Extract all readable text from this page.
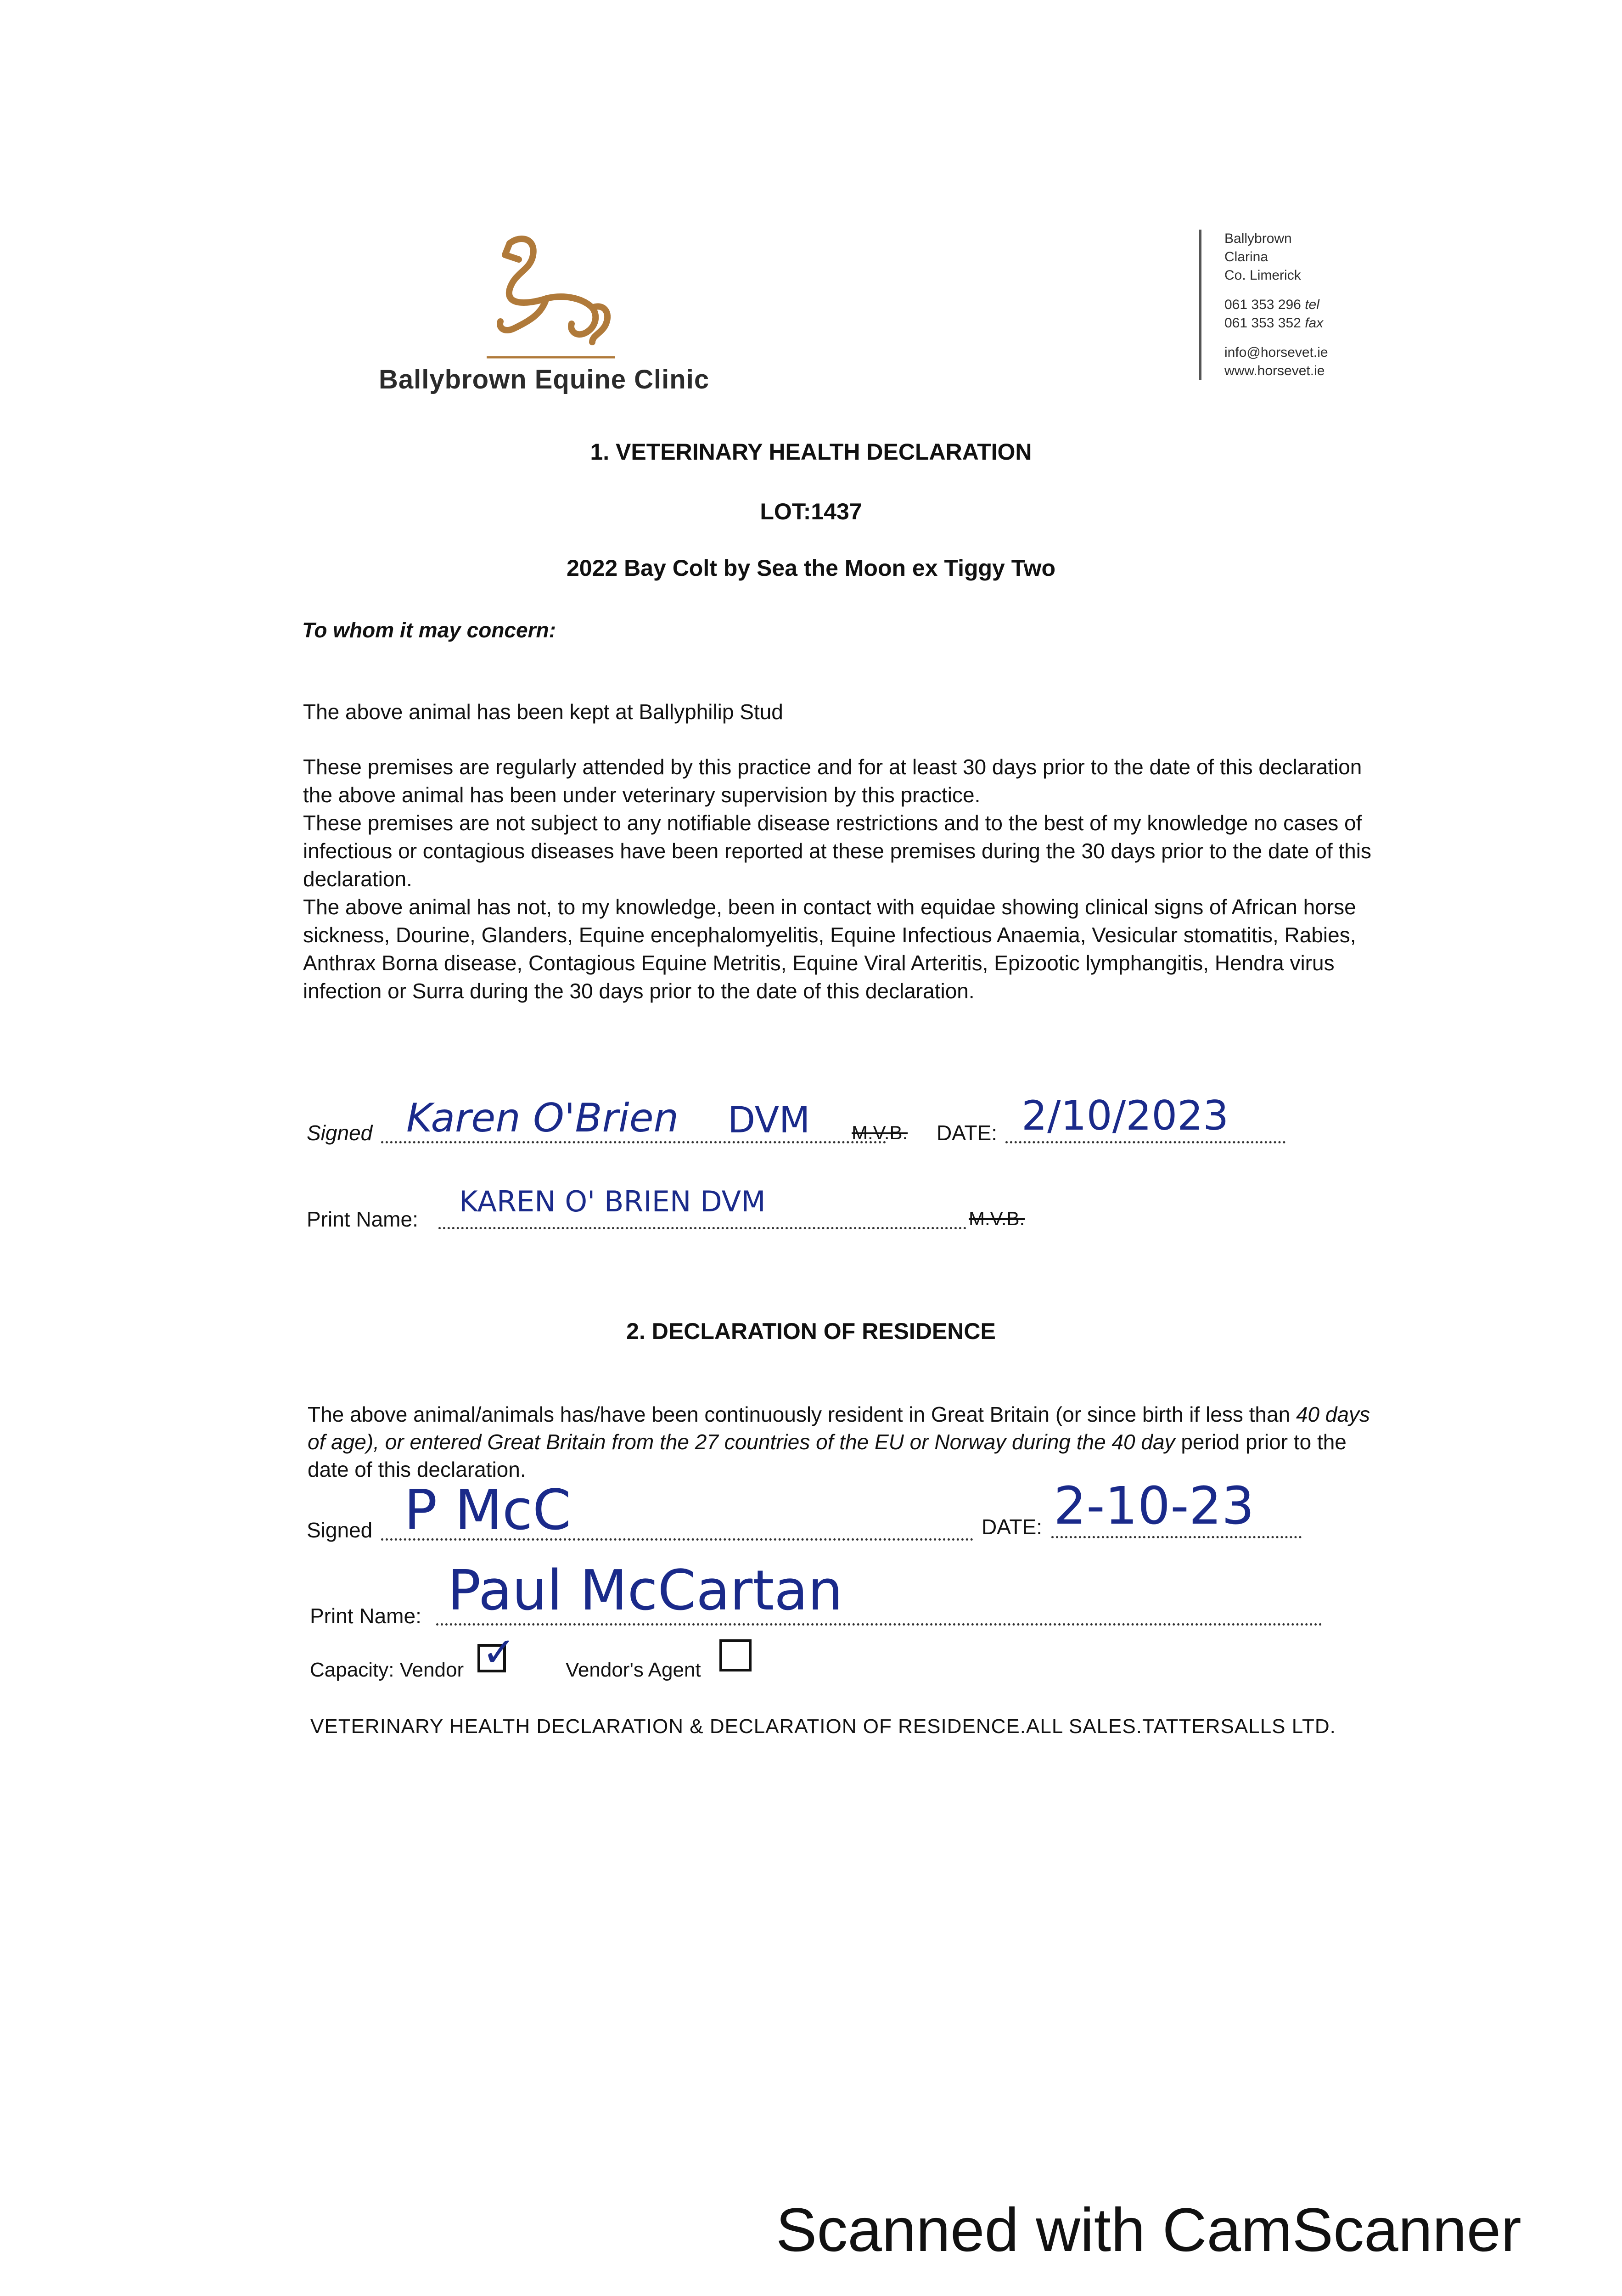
Ballybrown Equine Clinic
Ballybrown
Clarina
Co. Limerick
061 353 296 tel
061 353 352 fax
info@horsevet.ie
www.horsevet.ie
1. VETERINARY HEALTH DECLARATION
LOT:1437
2022 Bay Colt by Sea the Moon ex Tiggy Two
To whom it may concern:
The above animal has been kept at Ballyphilip Stud

These premises are regularly attended by this practice and for at least 30 days prior to the date of this declaration the above animal has been under veterinary supervision by this practice.

These premises are not subject to any notifiable disease restrictions and to the best of my knowledge no cases of infectious or contagious diseases have been reported at these premises during the 30 days prior to the date of this declaration.

The above animal has not, to my knowledge, been in contact with equidae showing clinical signs of African horse sickness, Dourine, Glanders, Equine encephalomyelitis, Equine Infectious Anaemia, Vesicular stomatitis, Rabies, Anthrax Borna disease, Contagious Equine Metritis, Equine Viral Arteritis, Epizootic lymphangitis, Hendra virus infection or Surra during the 30 days prior to the date of this declaration.

Signed Karen O'Brien DVM M.V.B. DATE: 2/10/2023
Print Name:
KAREN O' BRIEN DVM
M.V.B.
2. DECLARATION OF RESIDENCE
The above animal/animals has/have been continuously resident in Great Britain (or since birth if less than 40 days of age), or entered Great Britain from the 27 countries of the EU or Norway during the 40 day period prior to the date of this declaration.
Signed P McC	DATE: 2-10-23
Print Name: Paul McCartan
Capacity: Vendor ✓ Vendor's Agent
VETERINARY HEALTH DECLARATION & DECLARATION OF RESIDENCE.ALL SALES.TATTERSALLS LTD.
Scanned with CamScanner
